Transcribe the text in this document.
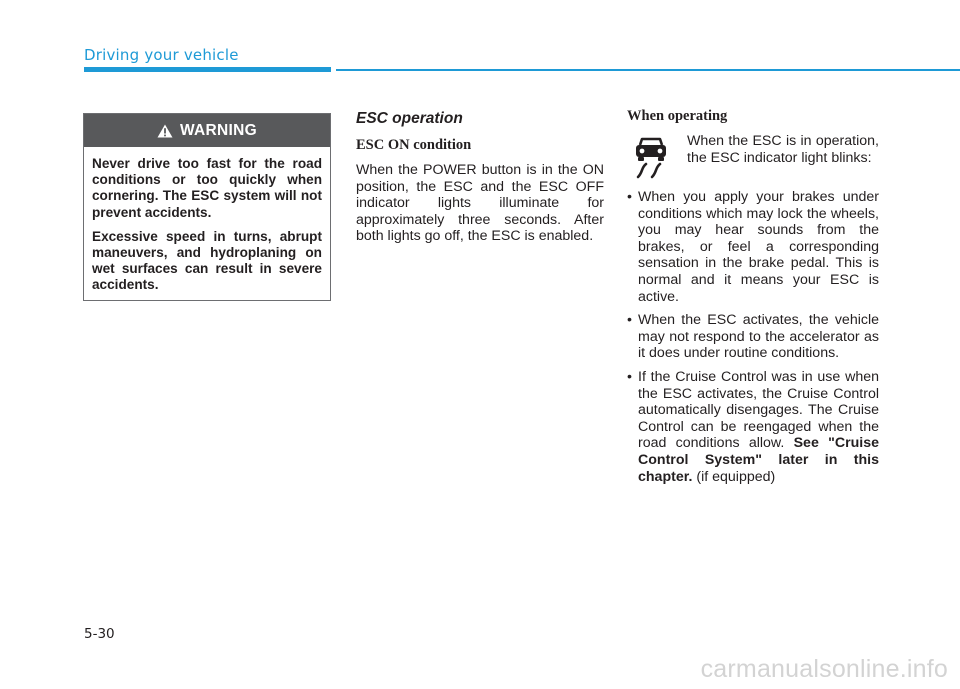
Driving your vehicle
WARNING

Never drive too fast for the road conditions or too quickly when cornering. The ESC system will not prevent accidents.

Excessive speed in turns, abrupt maneuvers, and hydroplaning on wet surfaces can result in severe accidents.

ESC operation
ESC ON condition

When the POWER button is in the ON position, the ESC and the ESC OFF indicator lights illuminate for approximately three seconds. After both lights go off, the ESC is enabled.

When operating

When the ESC is in operation, the ESC indicator light blinks:

• When you apply your brakes under conditions which may lock the wheels, you may hear sounds from the brakes, or feel a corresponding sensation in the brake pedal. This is normal and it means your ESC is active.
• When the ESC activates, the vehicle may not respond to the accelerator as it does under routine conditions.
• If the Cruise Control was in use when the ESC activates, the Cruise Control automatically disengages. The Cruise Control can be reengaged when the road conditions allow. See "Cruise Control System" later in this chapter. (if equipped)
5-30
carmanualsonline.info
